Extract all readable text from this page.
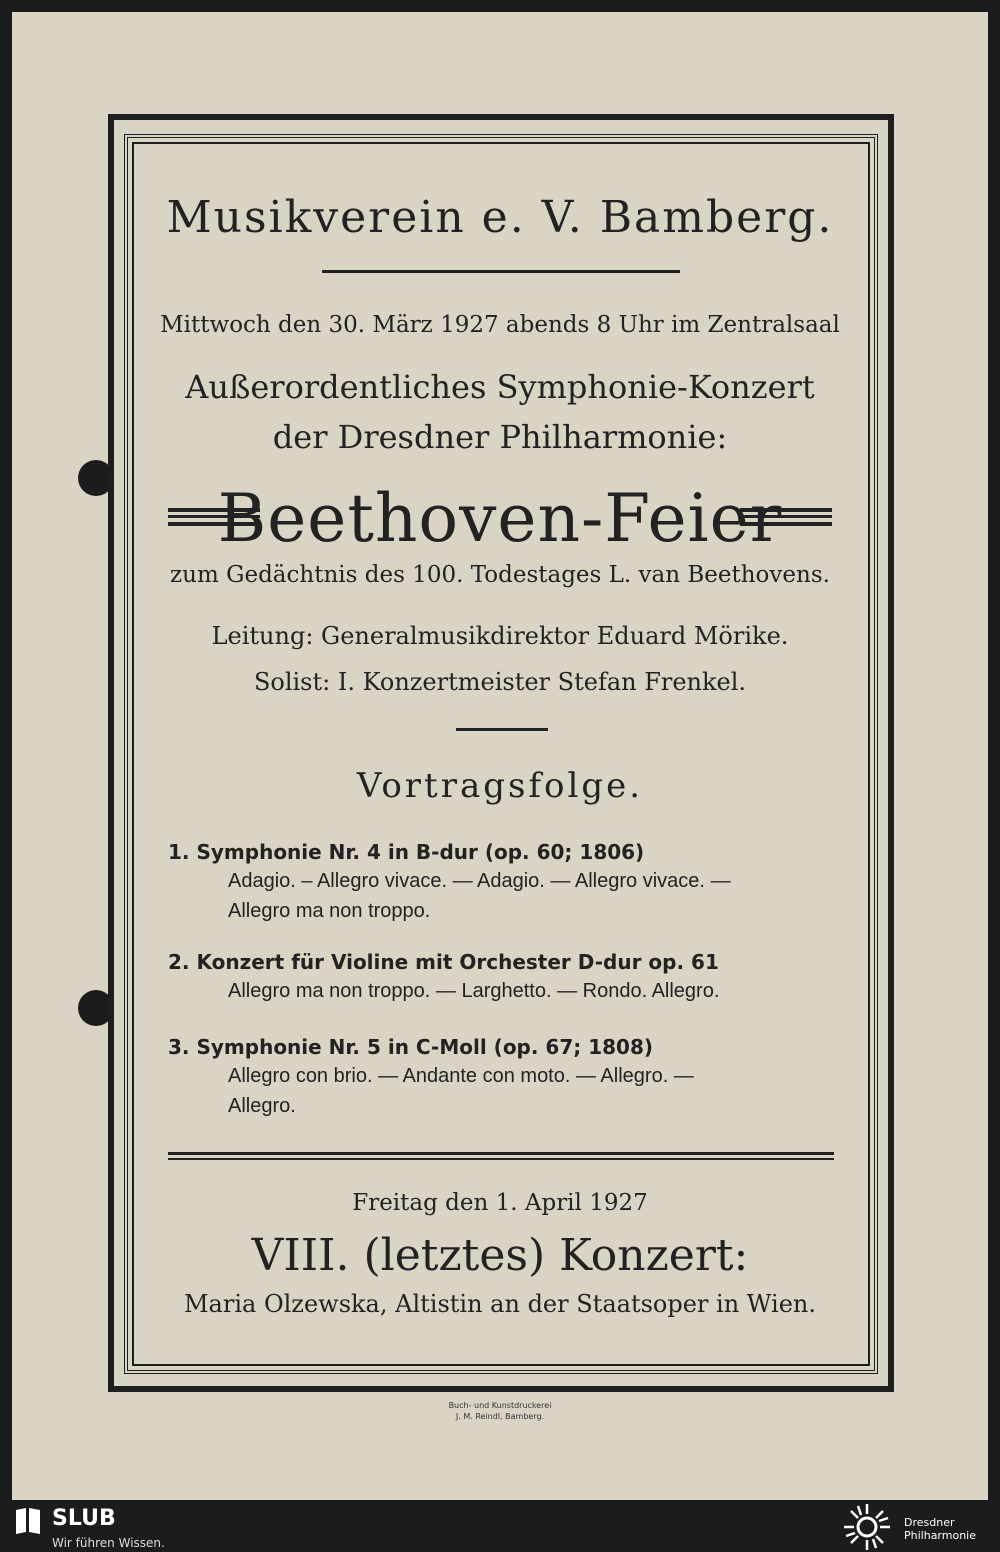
Musikverein e. V. Bamberg.
Mittwoch den 30. März 1927 abends 8 Uhr im Zentralsaal
Außerordentliches Symphonie-Konzert
der Dresdner Philharmonie:
Beethoven-Feier
zum Gedächtnis des 100. Todestages L. van Beethovens.
Leitung: Generalmusikdirektor Eduard Mörike.
Solist: I. Konzertmeister Stefan Frenkel.
Vortragsfolge.
1. Symphonie Nr. 4 in B-dur (op. 60; 1806)
Adagio. – Allegro vivace. — Adagio. — Allegro vivace. —
Allegro ma non troppo.
2. Konzert für Violine mit Orchester D-dur op. 61
Allegro ma non troppo. — Larghetto. — Rondo. Allegro.
3. Symphonie Nr. 5 in C-Moll (op. 67; 1808)
Allegro con brio. — Andante con moto. — Allegro. —
Allegro.
Freitag den 1. April 1927
VIII. (letztes) Konzert:
Maria Olzewska, Altistin an der Staatsoper in Wien.
Buch- und Kunstdruckerei
J. M. Reindl, Bamberg.
SLUB
Wir führen Wissen.
Dresdner
Philharmonie
